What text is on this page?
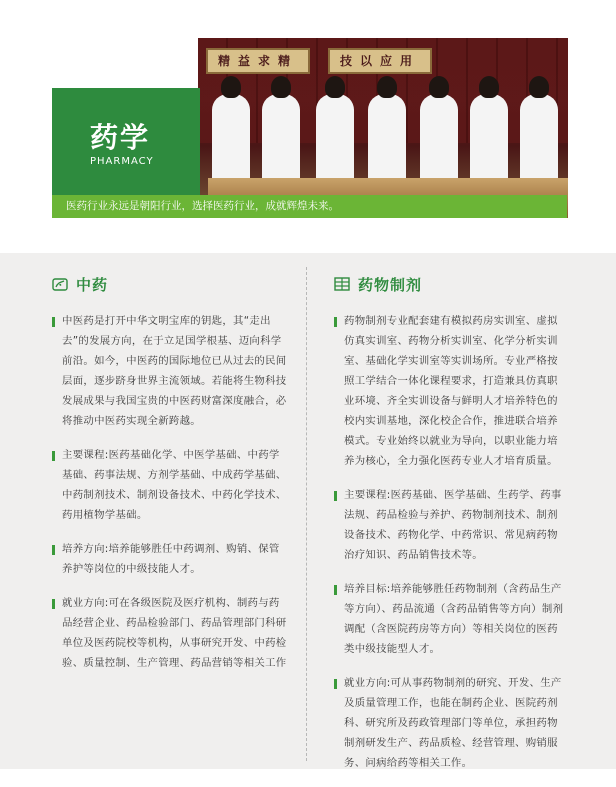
精益求精	技以应用
药学
PHARMACY
医药行业永远是朝阳行业，选择医药行业，成就辉煌未来。
中药
中医药是打开中华文明宝库的钥匙，其“走出去”的发展方向，在于立足国学根基、迈向科学前沿。如今，中医药的国际地位已从过去的民间层面，逐步跻身世界主流领域。若能将生物科技发展成果与我国宝贵的中医药财富深度融合，必将推动中医药实现全新跨越。
主要课程:医药基础化学、中医学基础、中药学基础、药事法规、方剂学基础、中成药学基础、中药制剂技术、制剂设备技术、中药化学技术、药用植物学基础。
培养方向:培养能够胜任中药调剂、购销、保管养护等岗位的中级技能人才。
就业方向:可在各级医院及医疗机构、制药与药品经营企业、药品检验部门、药品管理部门科研单位及医药院校等机构，从事研究开发、中药检验、质量控制、生产管理、药品营销等相关工作
药物制剂
药物制剂专业配套建有模拟药房实训室、虚拟仿真实训室、药物分析实训室、化学分析实训室、基础化学实训室等实训场所。专业严格按照工学结合一体化课程要求，打造兼具仿真职业环境、齐全实训设备与鲜明人才培养特色的校内实训基地，深化校企合作，推进联合培养模式。专业始终以就业为导向，以职业能力培养为核心，全力强化医药专业人才培育质量。
主要课程:医药基础、医学基础、生药学、药事法规、药品检验与养护、药物制剂技术、制剂设备技术、药物化学、中药常识、常见病药物治疗知识、药品销售技术等。
培养目标:培养能够胜任药物制剂（含药品生产等方向）、药品流通（含药品销售等方向）制剂调配（含医院药房等方向）等相关岗位的医药类中级技能型人才。
就业方向:可从事药物制剂的研究、开发、生产及质量管理工作，也能在制药企业、医院药剂科、研究所及药政管理部门等单位，承担药物制剂研发生产、药品质检、经营管理、购销服务、问病给药等相关工作。
